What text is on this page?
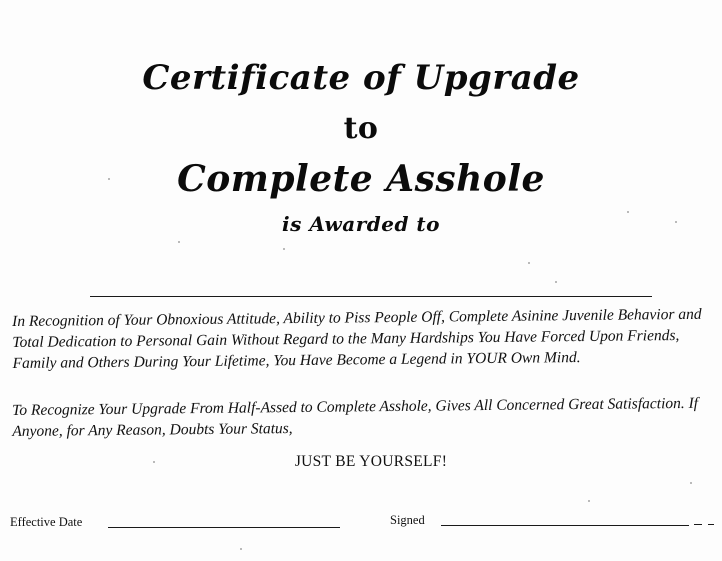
Certificate of Upgrade
to
Complete Asshole
is Awarded to
In Recognition of Your Obnoxious Attitude, Ability to Piss People Off, Complete Asinine Juvenile Behavior and Total Dedication to Personal Gain Without Regard to the Many Hardships You Have Forced Upon Friends, Family and Others During Your Lifetime, You Have Become a Legend in YOUR Own Mind.
To Recognize Your Upgrade From Half-Assed to Complete Asshole, Gives All Concerned Great Satisfaction. If Anyone, for Any Reason, Doubts Your Status,
JUST BE YOURSELF!
Effective Date	Signed
